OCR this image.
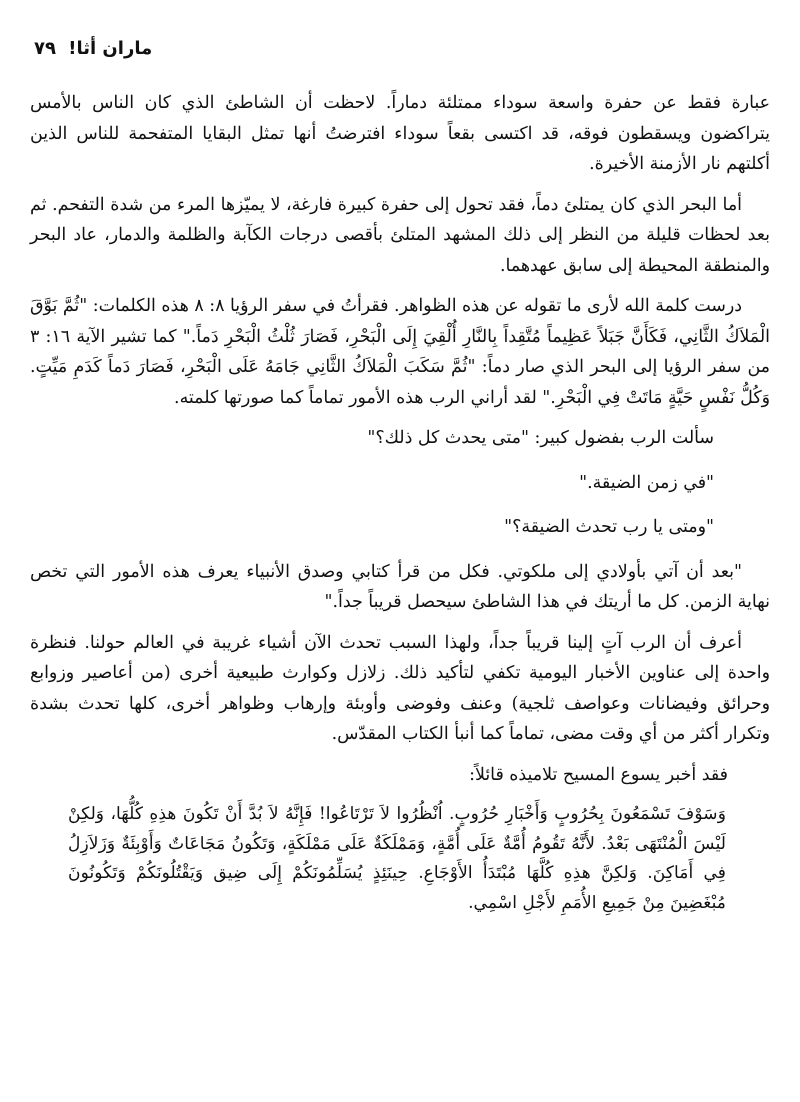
ماران أثا! ٧٩

عبارة فقط عن حفرة واسعة سوداء ممتلئة دماراً. لاحظت أن الشاطئ الذي كان الناس بالأمس يتراكضون ويسقطون فوقه، قد اكتسى بقعاً سوداء افترضتُ أنها تمثل البقايا المتفحمة للناس الذين أكلتهم نار الأزمنة الأخيرة.

أما البحر الذي كان يمتلئ دماً، فقد تحول إلى حفرة كبيرة فارغة، لا يميّزها المرء من شدة التفحم. ثم بعد لحظات قليلة من النظر إلى ذلك المشهد المتلئ بأقصى درجات الكآبة والظلمة والدمار، عاد البحر والمنطقة المحيطة إلى سابق عهدهما.

درست كلمة الله لأرى ما تقوله عن هذه الظواهر. فقرأتُ في سفر الرؤيا ٨: ٨ هذه الكلمات: "ثُمَّ بَوَّقَ الْمَلاَكُ الثَّانِي، فَكَأَنَّ جَبَلاً عَظِيماً مُتَّقِداً بِالنَّارِ أُلْقِيَ إِلَى الْبَحْرِ، فَصَارَ ثُلْثُ الْبَحْرِ دَماً." كما تشير الآية ١٦: ٣ من سفر الرؤيا إلى البحر الذي صار دماً: "ثُمَّ سَكَبَ الْمَلاَكُ الثَّانِي جَامَهُ عَلَى الْبَحْرِ، فَصَارَ دَماً كَدَمِ مَيِّتٍ. وَكُلُّ نَفْسٍ حَيَّةٍ مَاتَتْ فِي الْبَحْرِ." لقد أراني الرب هذه الأمور تماماً كما صورتها كلمته.

سألت الرب بفضول كبير: "متى يحدث كل ذلك؟"

"في زمن الضيقة."

"ومتى يا رب تحدث الضيقة؟"

"بعد أن آتي بأولادي إلى ملكوتي. فكل من قرأ كتابي وصدق الأنبياء يعرف هذه الأمور التي تخص نهاية الزمن. كل ما أريتك في هذا الشاطئ سيحصل قريباً جداً."

أعرف أن الرب آتٍ إلينا قريباً جداً، ولهذا السبب تحدث الآن أشياء غريبة في العالم حولنا. فنظرة واحدة إلى عناوين الأخبار اليومية تكفي لتأكيد ذلك. زلازل وكوارث طبيعية أخرى (من أعاصير وزوابع وحرائق وفيضانات وعواصف ثلجية) وعنف وفوضى وأوبئة وإرهاب وظواهر أخرى، كلها تحدث بشدة وتكرار أكثر من أي وقت مضى، تماماً كما أنبأ الكتاب المقدّس.

فقد أخبر يسوع المسيح تلاميذه قائلاً:

وَسَوْفَ تَسْمَعُونَ بِحُرُوبٍ وَأَخْبَارِ حُرُوبٍ. اُنْظُرُوا لاَ تَرْتَاعُوا! فَإِنَّهُ لاَ بُدَّ أَنْ تَكُونَ هذِهِ كُلُّهَا، وَلكِنْ لَيْسَ الْمُنْتَهَى بَعْدُ. لأَنَّهُ تَقُومُ أُمَّةٌ عَلَى أُمَّةٍ، وَمَمْلَكَةٌ عَلَى مَمْلَكَةٍ، وَتَكُونُ مَجَاعَاتٌ وَأَوْبِئَةٌ وَزَلاَزِلُ فِي أَمَاكِنَ. وَلكِنَّ هذِهِ كُلَّهَا مُبْتَدَأُ الأَوْجَاعِ. حِينَئِذٍ يُسَلِّمُونَكُمْ إِلَى ضِيق وَيَقْتُلُونَكُمْ وَتَكُونُونَ مُبْغَضِينَ مِنْ جَمِيعِ الأُمَمِ لأَجْلِ اسْمِي.
